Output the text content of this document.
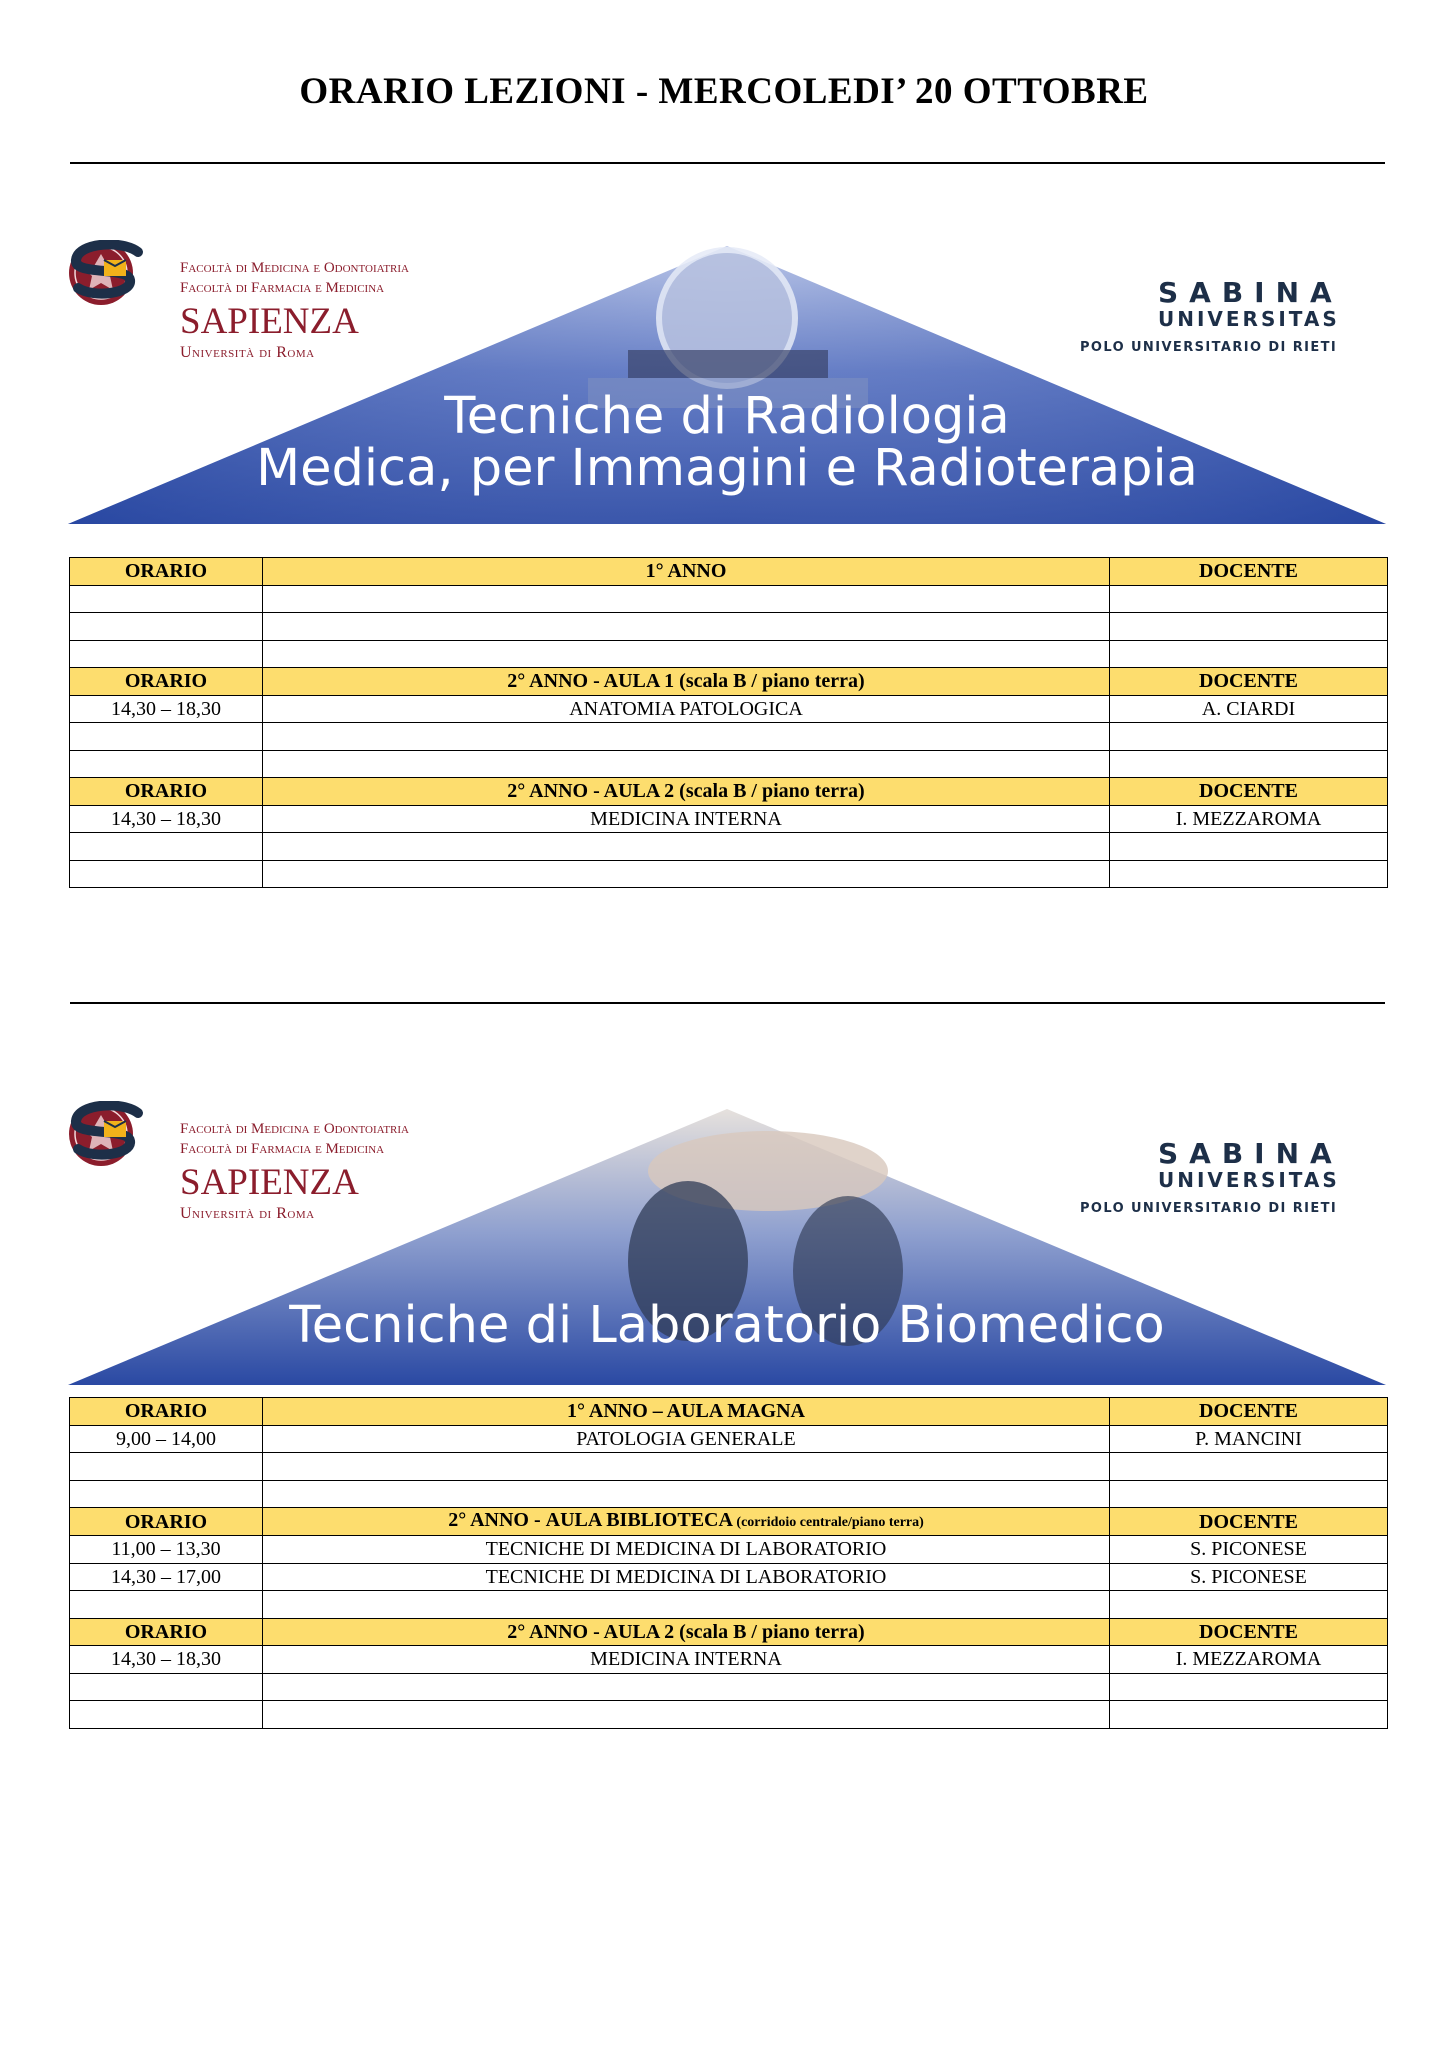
ORARIO LEZIONI - MERCOLEDI’ 20 OTTOBRE
Facoltà di Medicina e Odontoiatria
Facoltà di Farmacia e Medicina
SAPIENZA
Università di Roma
SABINA
UNIVERSITAS
POLO UNIVERSITARIO DI RIETI
Tecniche di Radiologia
Medica, per Immagini e Radioterapia
ORARIO	1° ANNO	DOCENTE

ORARIO	2° ANNO - AULA 1 (scala B / piano terra)	DOCENTE
14,30 – 18,30	ANATOMIA PATOLOGICA	A. CIARDI

ORARIO	2° ANNO - AULA 2 (scala B / piano terra)	DOCENTE
14,30 – 18,30	MEDICINA INTERNA	I. MEZZAROMA

Facoltà di Medicina e Odontoiatria
Facoltà di Farmacia e Medicina
SAPIENZA
Università di Roma
SABINA
UNIVERSITAS
POLO UNIVERSITARIO DI RIETI
Tecniche di Laboratorio Biomedico
ORARIO	1° ANNO – AULA MAGNA	DOCENTE
9,00 – 14,00	PATOLOGIA GENERALE	P. MANCINI

ORARIO	2° ANNO - AULA BIBLIOTECA (corridoio centrale/piano terra)	DOCENTE
11,00 – 13,30	TECNICHE DI MEDICINA DI LABORATORIO	S. PICONESE
14,30 – 17,00	TECNICHE DI MEDICINA DI LABORATORIO	S. PICONESE

ORARIO	2° ANNO - AULA 2 (scala B / piano terra)	DOCENTE
14,30 – 18,30	MEDICINA INTERNA	I. MEZZAROMA
